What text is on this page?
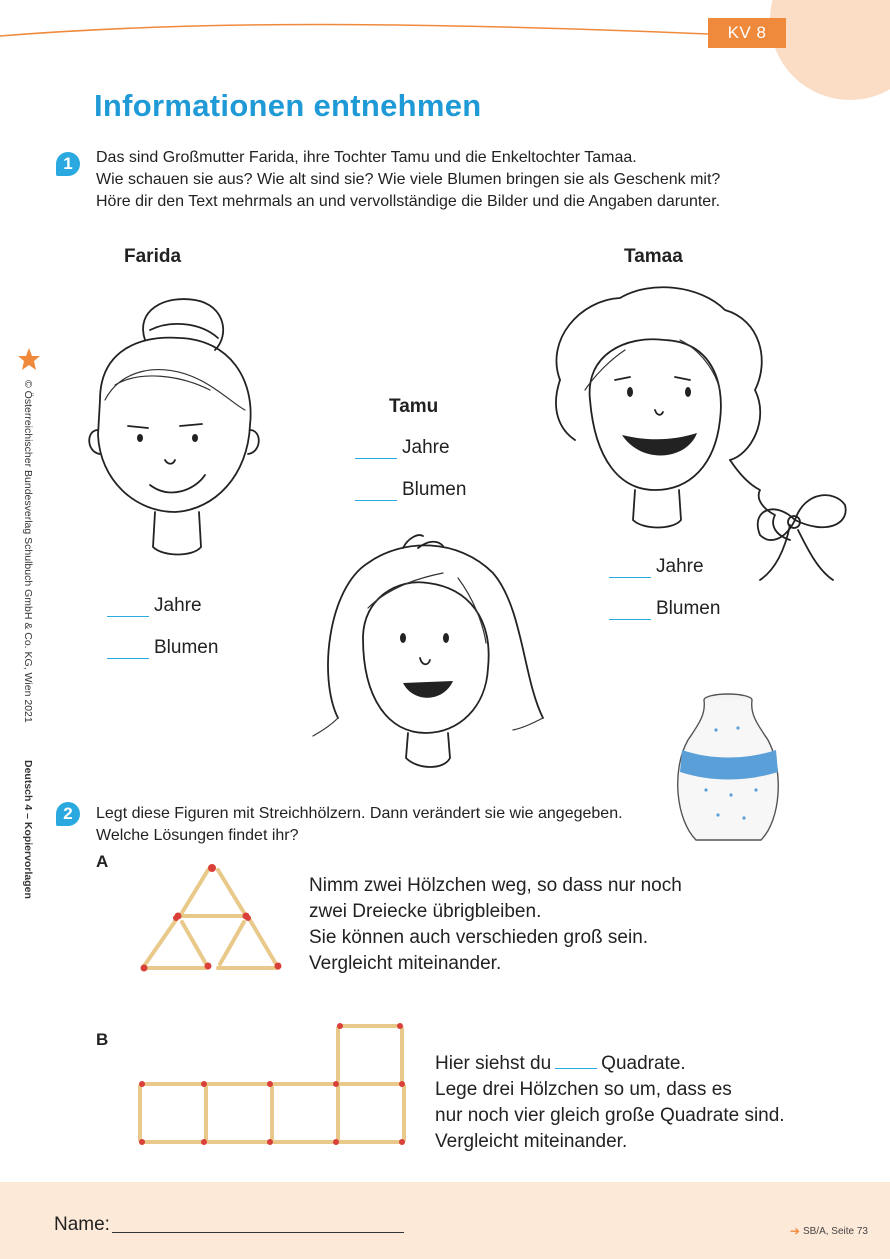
KV 8
Informationen entnehmen
1	Das sind Großmutter Farida, ihre Tochter Tamu und die Enkeltochter Tamaa.
Wie schauen sie aus? Wie alt sind sie? Wie viele Blumen bringen sie als Geschenk mit?
Höre dir den Text mehrmals an und vervollständige die Bilder und die Angaben darunter.
Farida	Tamaa
Tamu
Jahre
Blumen
Jahre
Blumen
Jahre
Blumen
© Österreichischer Bundesverlag Schulbuch GmbH & Co. KG, Wien 2021
Deutsch 4 – Kopiervorlagen	2	Legt diese Figuren mit Streichhölzern. Dann verändert sie wie angegeben.
Welche Lösungen findet ihr?
A
Nimm zwei Hölzchen weg, so dass nur noch
zwei Dreiecke übrigbleiben.
Sie können auch verschieden groß sein.
Vergleicht miteinander.
B
Hier siehst du	Quadrate.
Lege drei Hölzchen so um, dass es
nur noch vier gleich große Quadrate sind.
Vergleicht miteinander.
Name:	➔ SB/A, Seite 73
